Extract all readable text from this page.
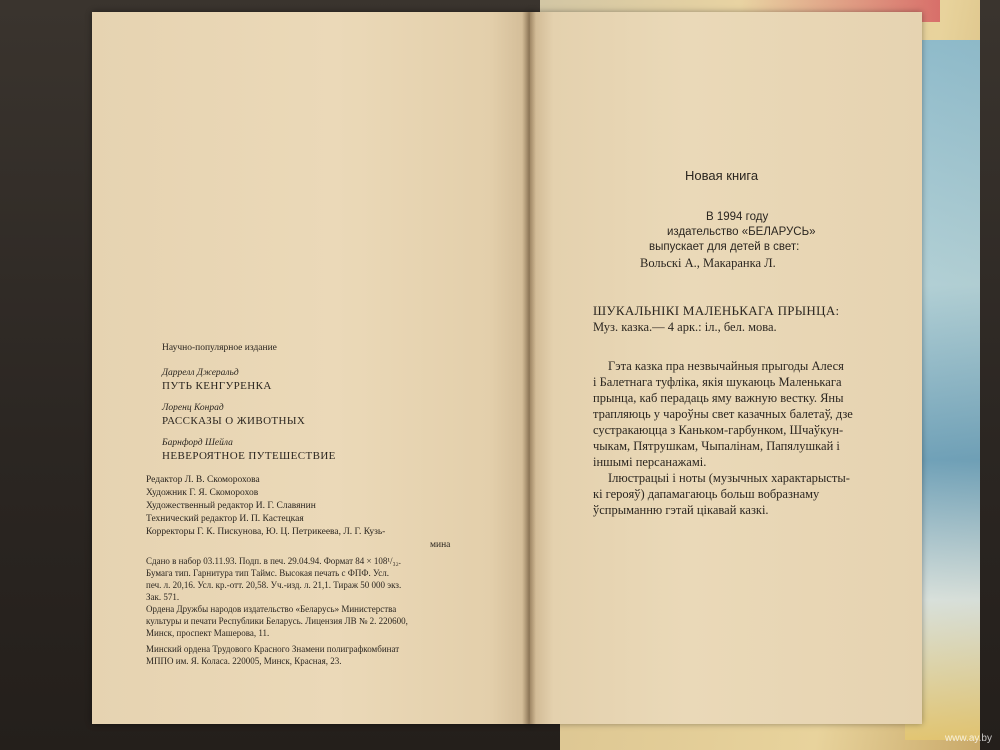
Научно-популярное издание
Даррелл Джеральд
ПУТЬ КЕНГУРЕНКА
Лоренц Конрад
РАССКАЗЫ О ЖИВОТНЫХ
Барнфорд Шейла
НЕВЕРОЯТНОЕ ПУТЕШЕСТВИЕ
Редактор Л. В. Скоморохова
Художник Г. Я. Скоморохов
Художественный редактор И. Г. Славянин
Технический редактор И. П. Кастецкая
Корректоры Г. К. Пискунова, Ю. Ц. Петрикеева, Л. Г. Кузь-
мина
Сдано в набор 03.11.93. Подп. в печ. 29.04.94. Формат 84 × 108¹/₃₂.
Бумага тип. Гарнитура тип Таймс. Высокая печать с ФПФ. Усл.
печ. л. 20,16. Усл. кр.-отт. 20,58. Уч.-изд. л. 21,1. Тираж 50 000 экз.
Зак. 571.
Ордена Дружбы народов издательство «Беларусь» Министерства
культуры и печати Республики Беларусь. Лицензия ЛВ № 2. 220600,
Минск, проспект Машерова, 11.
Минский ордена Трудового Красного Знамени полиграфкомбинат
МППО им. Я. Коласа. 220005, Минск, Красная, 23.
Новая книга
В 1994 году
издательство «БЕЛАРУСЬ»
выпускает для детей в свет:
Вольскі А., Макаранка Л.
ШУКАЛЬНІКІ МАЛЕНЬКАГА ПРЫНЦА:
Муз. казка.— 4 арк.: іл., бел. мова.
Гэта казка пра незвычайныя прыгоды Алеся
і Балетнага туфліка, якія шукаюць Маленькага
прынца, каб перадаць яму важную вестку. Яны
трапляюць у чароўны свет казачных балетаў, дзе
сустракаюцца з Каньком-гарбунком, Шчаўкун-
чыкам, Пятрушкам, Чыпалінам, Папялушкай і
іншымі персанажамі.
Ілюстрацыі і ноты (музычных характарысты-
кі герояў) дапамагаюць больш вобразнаму
ўспрыманню гэтай цікавай казкі.
www.ay.by
